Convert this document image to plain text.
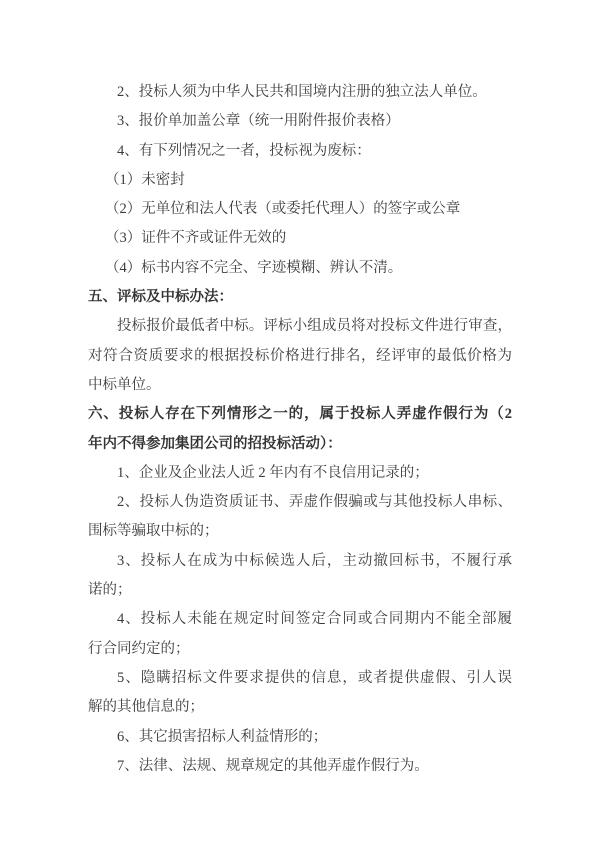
2、投标人须为中华人民共和国境内注册的独立法人单位。
3、报价单加盖公章（统一用附件报价表格）
4、有下列情况之一者，投标视为废标：
（1）未密封
（2）无单位和法人代表（或委托代理人）的签字或公章
（3）证件不齐或证件无效的
（4）标书内容不完全、字迹模糊、辨认不清。
五、评标及中标办法：
投标报价最低者中标。评标小组成员将对投标文件进行审查，
对符合资质要求的根据投标价格进行排名，经评审的最低价格为
中标单位。
六、投标人存在下列情形之一的，属于投标人弄虚作假行为（2
年内不得参加集团公司的招投标活动）：
1、企业及企业法人近 2 年内有不良信用记录的；
2、投标人伪造资质证书、弄虚作假骗或与其他投标人串标、
围标等骗取中标的；
3、投标人在成为中标候选人后，主动撤回标书，不履行承
诺的；
4、投标人未能在规定时间签定合同或合同期内不能全部履
行合同约定的；
5、隐瞒招标文件要求提供的信息，或者提供虚假、引人误
解的其他信息的；
6、其它损害招标人利益情形的；
7、法律、法规、规章规定的其他弄虚作假行为。
